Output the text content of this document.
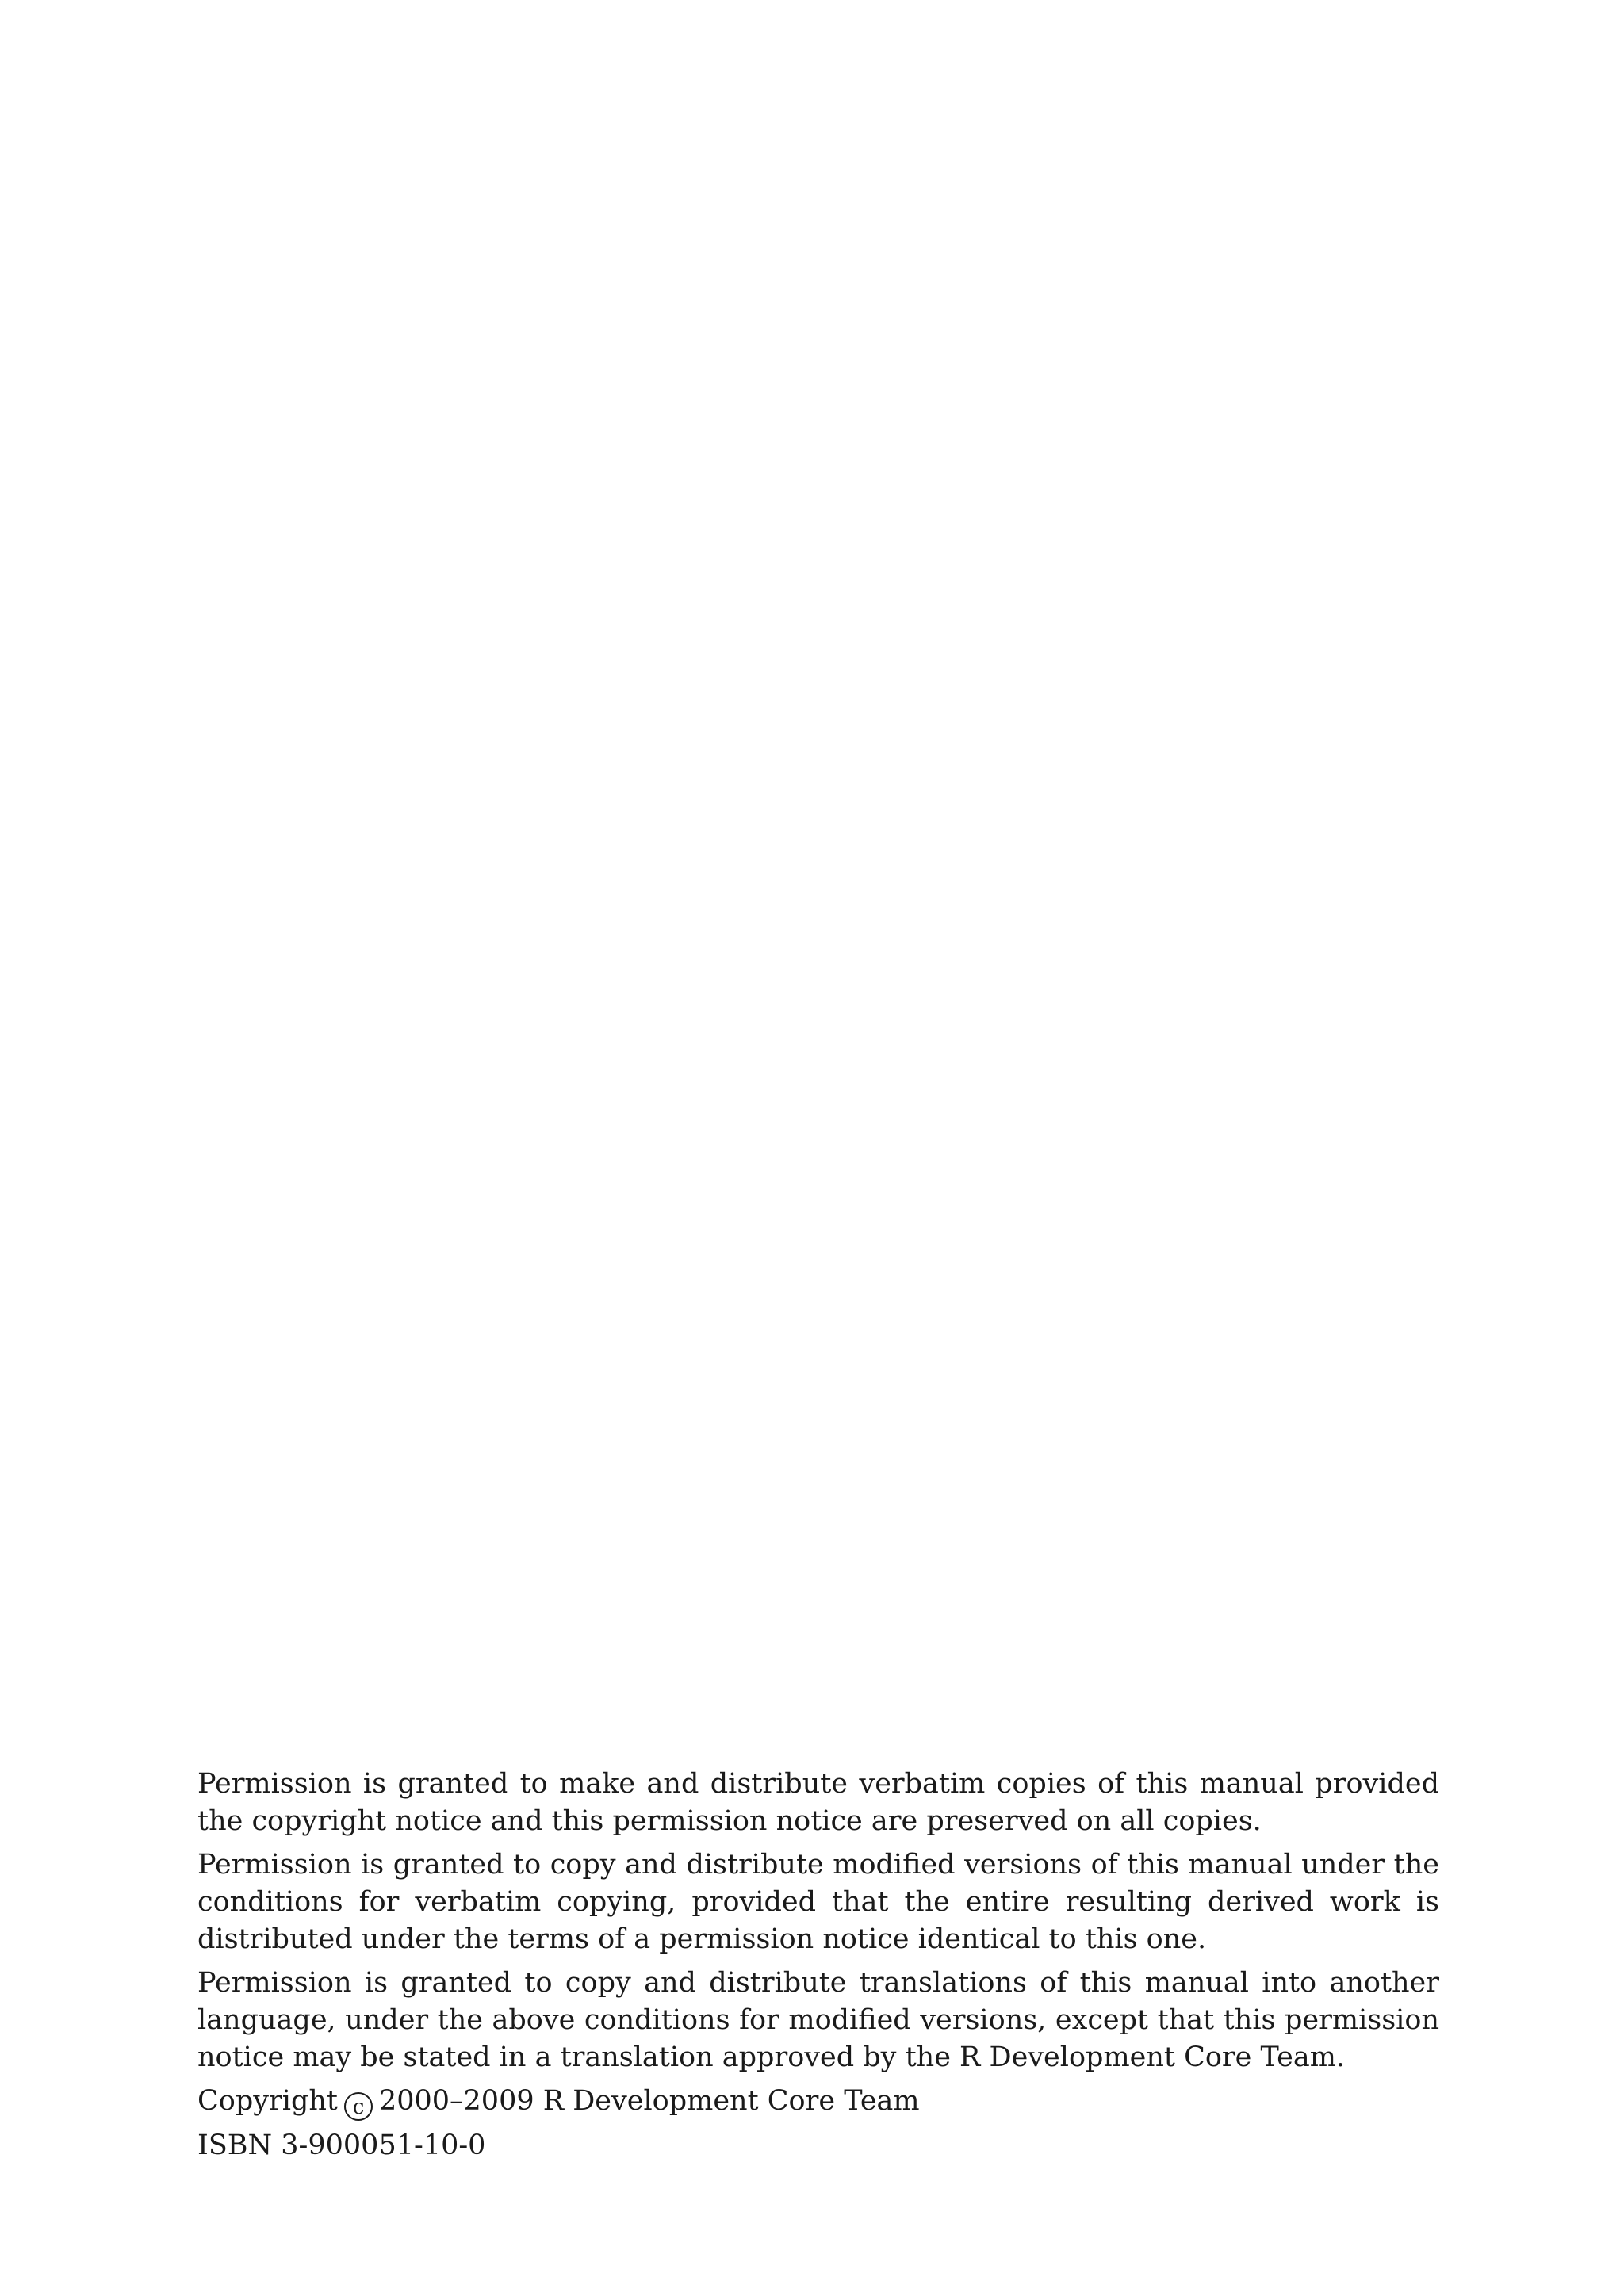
Permission is granted to make and distribute verbatim copies of this manual provided the copyright notice and this permission notice are preserved on all copies.

Permission is granted to copy and distribute modified versions of this manual under the conditions for verbatim copying, provided that the entire resulting derived work is distributed under the terms of a permission notice identical to this one.

Permission is granted to copy and distribute translations of this manual into another language, under the above conditions for modified versions, except that this permission notice may be stated in a translation approved by the R Development Core Team.

Copyright c 2000–2009 R Development Core Team
ISBN 3-900051-10-0
